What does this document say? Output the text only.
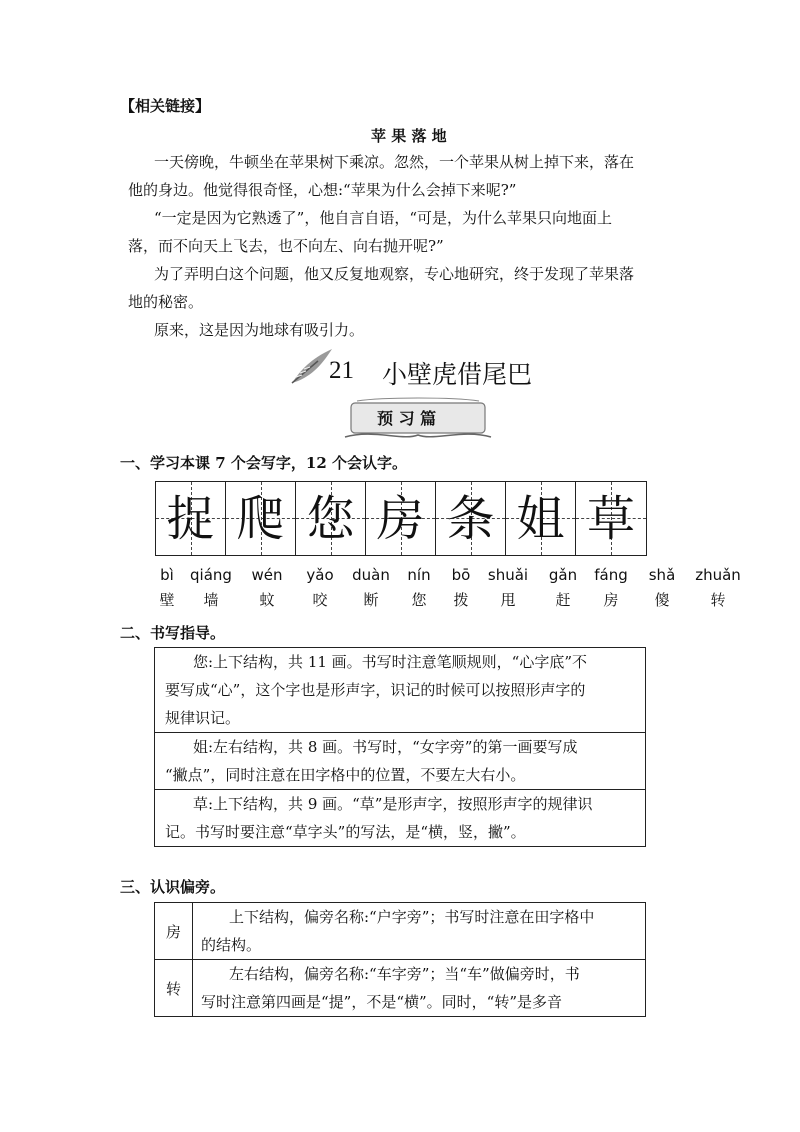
【相关链接】
苹 果 落 地
一天傍晚，牛顿坐在苹果树下乘凉。忽然，一个苹果从树上掉下来，落在
他的身边。他觉得很奇怪，心想:“苹果为什么会掉下来呢?”
“一定是因为它熟透了”，他自言自语，“可是，为什么苹果只向地面上
落，而不向天上飞去，也不向左、向右抛开呢?”
为了弄明白这个问题，他又反复地观察，专心地研究，终于发现了苹果落
地的秘密。
原来，这是因为地球有吸引力。
21 小壁虎借尾巴
预 习 篇
一、学习本课 7 个会写字，12 个会认字。
捉 爬 您 房 条 姐 草
bì qiáng wén yǎo duàn nín bō shuǎi gǎn fáng shǎ zhuǎn
壁 墙	蚊	咬 断 您 拨 甩	赶 房 傻	转
二、书写指导。
您:上下结构，共 11 画。书写时注意笔顺规则，“心字底”不
要写成“心”，这个字也是形声字，识记的时候可以按照形声字的
规律识记。
姐:左右结构，共 8 画。书写时，“女字旁”的第一画要写成
“撇点”，同时注意在田字格中的位置，不要左大右小。
草:上下结构，共 9 画。“草”是形声字，按照形声字的规律识
记。书写时要注意“草字头”的写法，是“横，竖，撇”。
三、认识偏旁。
房
上下结构，偏旁名称:“户字旁”；书写时注意在田字格中
的结构。
转
左右结构，偏旁名称:“车字旁”；当“车”做偏旁时，书
写时注意第四画是“提”，不是“横”。同时，“转”是多音
